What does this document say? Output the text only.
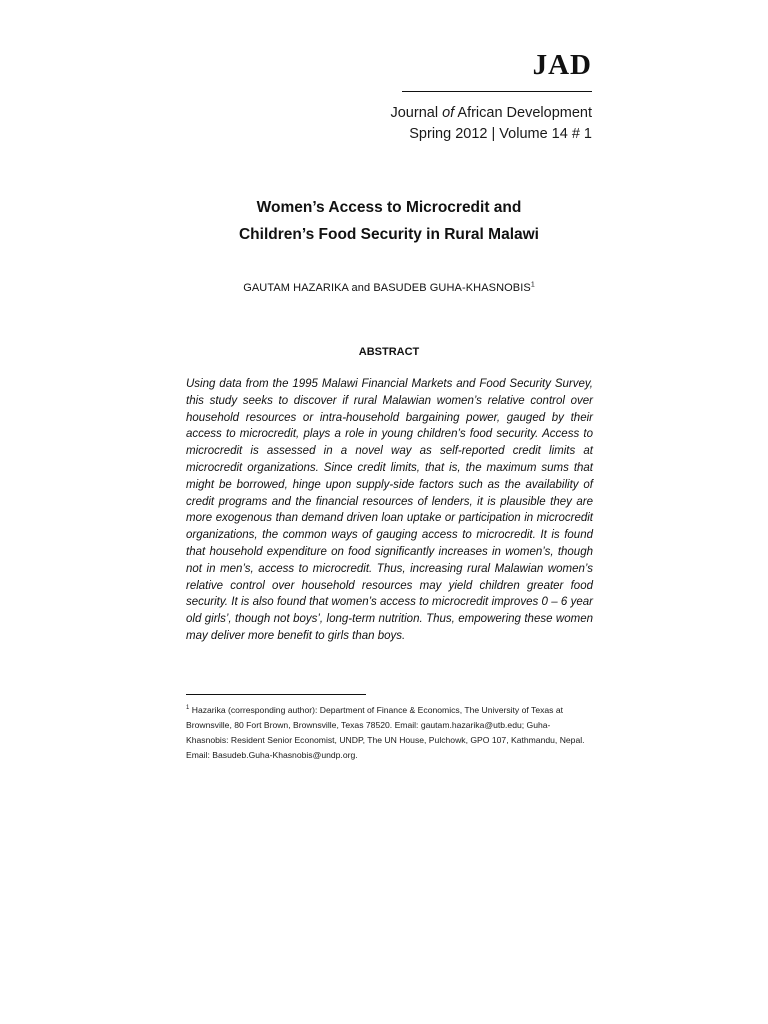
JAD
Journal of African Development
Spring 2012 | Volume 14 # 1
Women’s Access to Microcredit and
Children’s Food Security in Rural Malawi
GAUTAM HAZARIKA and BASUDEB GUHA-KHASNOBIS$^1$
ABSTRACT

Using data from the 1995 Malawi Financial Markets and Food Security Survey, this study seeks to discover if rural Malawian women’s relative control over household resources or intra-household bargaining power, gauged by their access to microcredit, plays a role in young children’s food security. Access to microcredit is assessed in a novel way as self-reported credit limits at microcredit organizations. Since credit limits, that is, the maximum sums that might be borrowed, hinge upon supply-side factors such as the availability of credit programs and the financial resources of lenders, it is plausible they are more exogenous than demand driven loan uptake or participation in microcredit organizations, the common ways of gauging access to microcredit. It is found that household expenditure on food significantly increases in women’s, though not in men’s, access to microcredit. Thus, increasing rural Malawian women’s relative control over household resources may yield children greater food security. It is also found that women’s access to microcredit improves 0 – 6 year old girls’, though not boys’, long-term nutrition. Thus, empowering these women may deliver more benefit to girls than boys.

$^1$ Hazarika (corresponding author): Department of Finance & Economics, The University of Texas at Brownsville, 80 Fort Brown, Brownsville, Texas 78520. Email: gautam.hazarika@utb.edu; Guha-Khasnobis: Resident Senior Economist, UNDP, The UN House, Pulchowk, GPO 107, Kathmandu, Nepal. Email: Basudeb.Guha-Khasnobis@undp.org.
